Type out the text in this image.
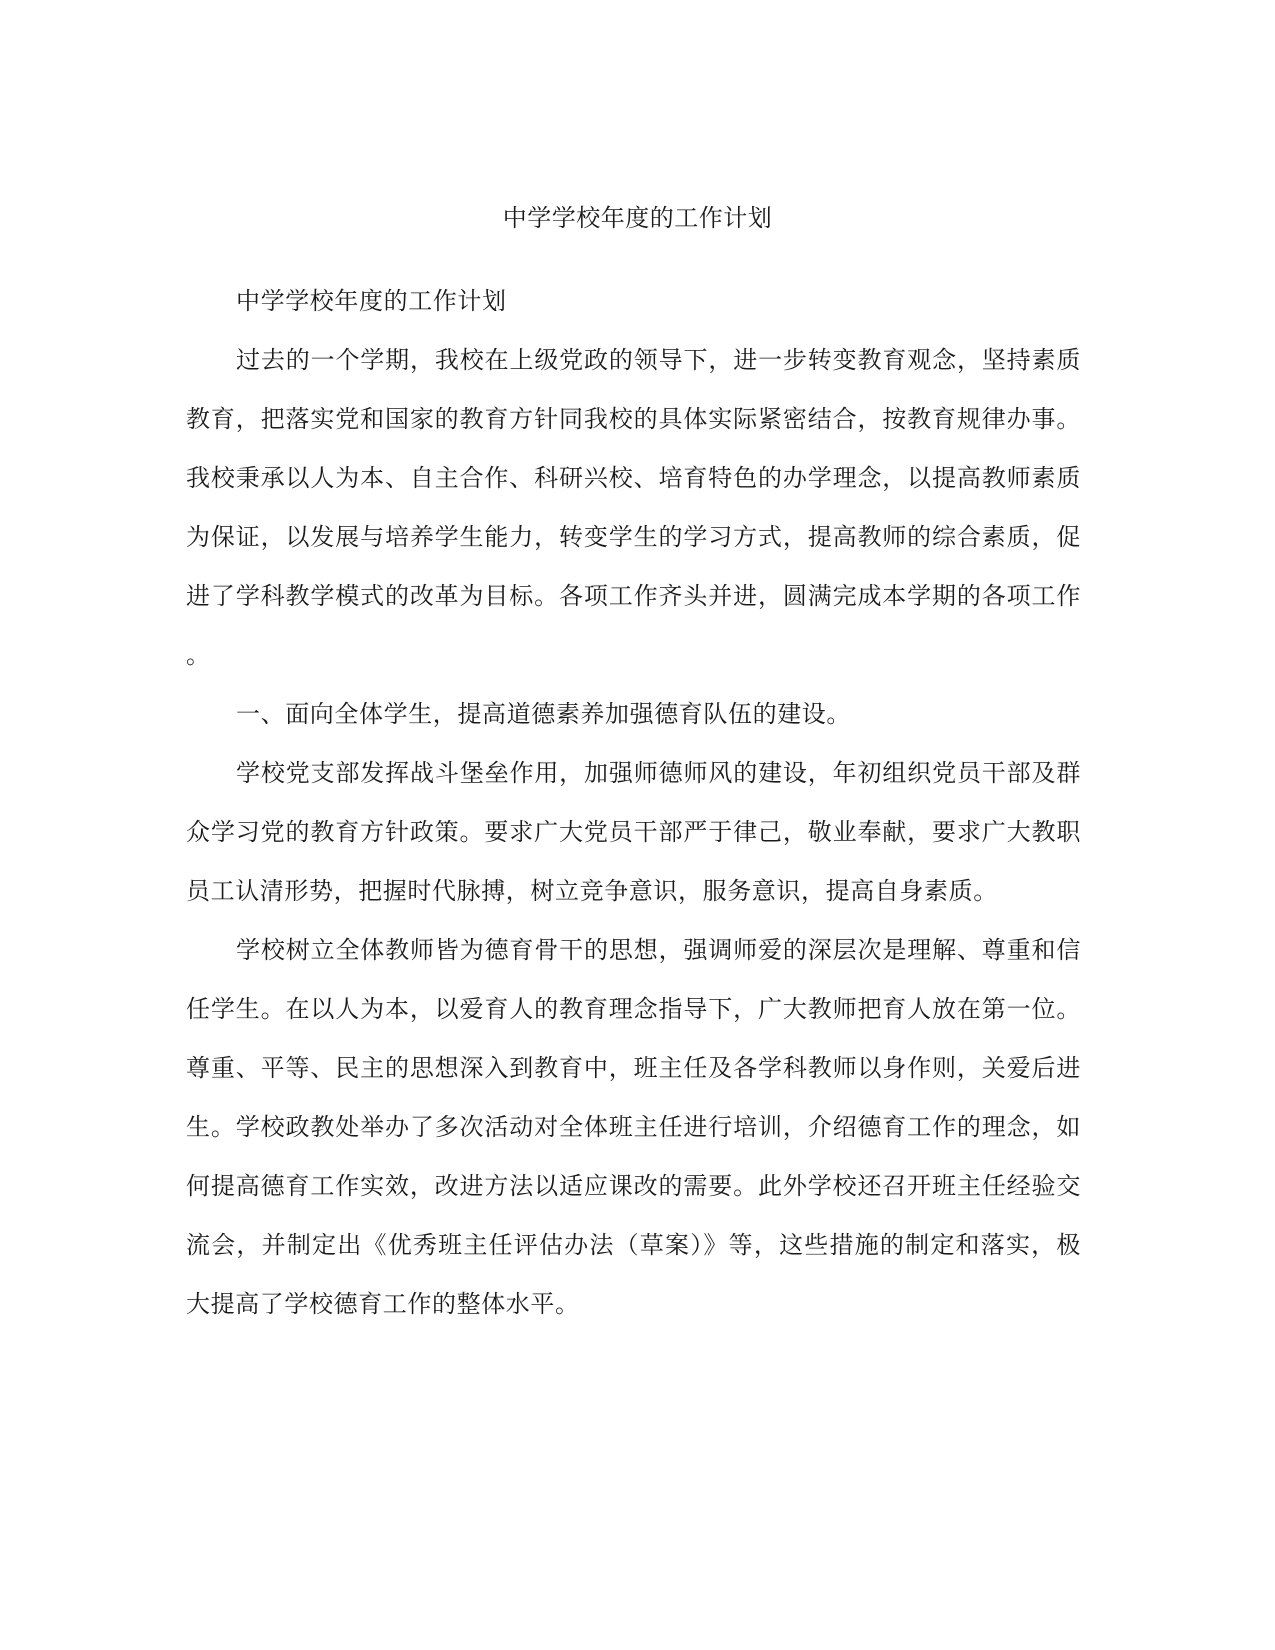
中学学校年度的工作计划

中学学校年度的工作计划

过去的一个学期，我校在上级党政的领导下，进一步转变教育观念，坚持素质
教育，把落实党和国家的教育方针同我校的具体实际紧密结合，按教育规律办事。
我校秉承以人为本、自主合作、科研兴校、培育特色的办学理念，以提高教师素质
为保证，以发展与培养学生能力，转变学生的学习方式，提高教师的综合素质，促
进了学科教学模式的改革为目标。各项工作齐头并进，圆满完成本学期的各项工作
。

一、面向全体学生，提高道德素养加强德育队伍的建设。

学校党支部发挥战斗堡垒作用，加强师德师风的建设，年初组织党员干部及群
众学习党的教育方针政策。要求广大党员干部严于律己，敬业奉献，要求广大教职
员工认清形势，把握时代脉搏，树立竞争意识，服务意识，提高自身素质。

学校树立全体教师皆为德育骨干的思想，强调师爱的深层次是理解、尊重和信
任学生。在以人为本，以爱育人的教育理念指导下，广大教师把育人放在第一位。
尊重、平等、民主的思想深入到教育中，班主任及各学科教师以身作则，关爱后进
生。学校政教处举办了多次活动对全体班主任进行培训，介绍德育工作的理念，如
何提高德育工作实效，改进方法以适应课改的需要。此外学校还召开班主任经验交
流会，并制定出《优秀班主任评估办法（草案）》等，这些措施的制定和落实，极
大提高了学校德育工作的整体水平。
